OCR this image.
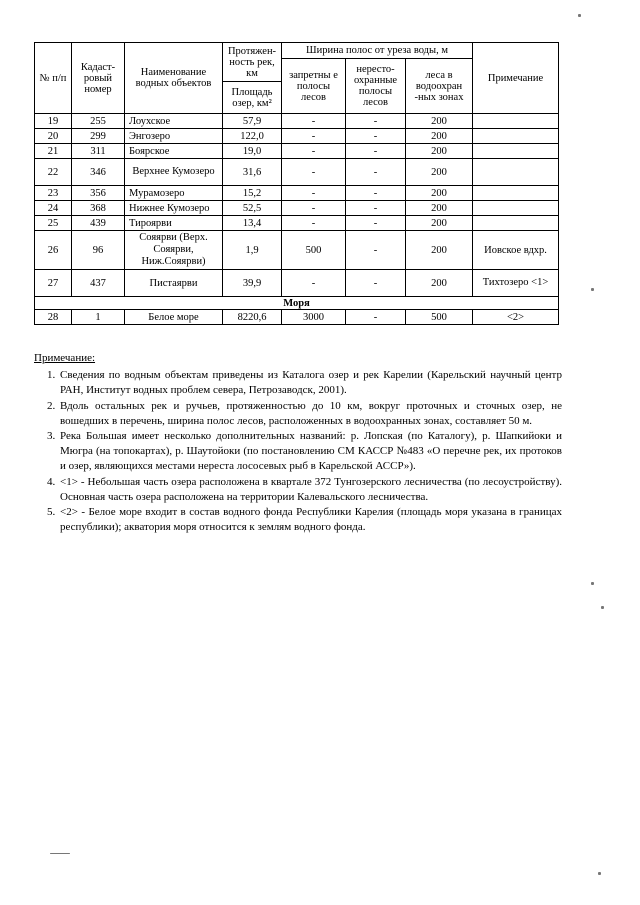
№ п/п	Кадаст-ровый номер	Наименование водных объектов	Протяжен-ность рек, км	Ширина полос от уреза воды, м			Примечание
				запретны е полосы лесов	нересто-охранные полосы лесов	леса в водоохран -ных зонах	
			Площадь озер, км²				
19	255	Лоухское	57,9	-	-	200	
20	299	Энгозеро	122,0	-	-	200	
21	311	Боярское	19,0	-	-	200	
22	346	Верхнее Кумозеро	31,6	-	-	200	
23	356	Мурамозеро	15,2	-	-	200	
24	368	Нижнее Кумозеро	52,5	-	-	200	
25	439	Тироярви	13,4	-	-	200	
26	96	Сояярви (Верх. Сояярви, Ниж.Сояярви)	1,9	500	-	200	Иовское вдхр.
27	437	Пистаярви	39,9	-	-	200	Тихтозеро <1>
Моря							
28	1	Белое море	8220,6	3000	-	500	<2>
Примечание:
1. Сведения по водным объектам приведены из Каталога озер и рек Карелии (Карельский научный центр РАН, Институт водных проблем севера, Петрозаводск, 2001).
2. Вдоль остальных рек и ручьев, протяженностью до 10 км, вокруг проточных и сточных озер, не вошедших в перечень, ширина полос лесов, расположенных в водоохранных зонах, составляет 50 м.
3. Река Большая имеет несколько дополнительных названий: р. Лопская (по Каталогу), р. Шапкийоки и Мюгра (на топокартах), р. Шаутойоки (по постановлению СМ КАССР №483 «О перечне рек, их протоков и озер, являющихся местами нереста лососевых рыб в Карельской АССР»).
4. <1> - Небольшая часть озера расположена в квартале 372 Тунгозерского лесничества (по лесоустройству). Основная часть озера расположена на территории Калевальского лесничества.
5. <2> - Белое море входит в состав водного фонда Республики Карелия (площадь моря указана в границах республики); акватория моря относится к землям водного фонда.
